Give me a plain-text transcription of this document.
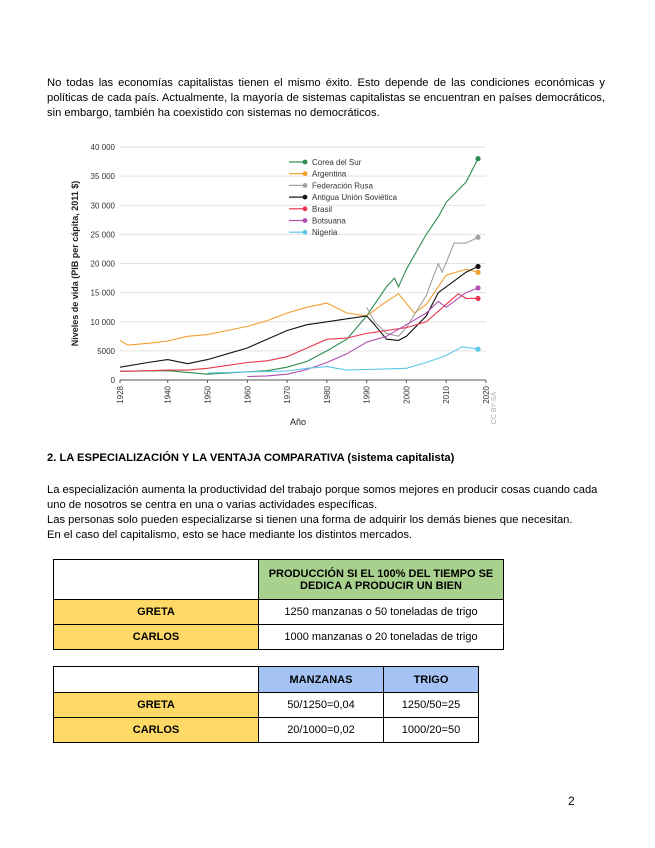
No todas las economías capitalistas tienen el mismo éxito. Esto depende de las condiciones económicas y políticas de cada país. Actualmente, la mayoría de sistemas capitalistas se encuentran en países democráticos, sin embargo, también ha coexistido con sistemas no democráticos.
0
5000
10 000
15 000
20 000
25 000
30 000
35 000
40 000
1928	1940	1950	1960	1970	1980	1990	2000	2010	2020
Año
Niveles de vida (PIB per cápita, 2011 $)
Corea del Sur
Argentina
Federación Rusa
Antigua Unión Soviética
Brasil
Botsuana
Nigeria
CC BY-SA
2. LA ESPECIALIZACIÓN Y LA VENTAJA COMPARATIVA (sistema capitalista)

La especialización aumenta la productividad del trabajo porque somos mejores en producir cosas cuando cada uno de nosotros se centra en una o varias actividades específicas.

Las personas solo pueden especializarse si tienen una forma de adquirir los demás bienes que necesitan.

En el caso del capitalismo, esto se hace mediante los distintos mercados.

	PRODUCCIÓN SI EL 100% DEL TIEMPO SE DEDICA A PRODUCIR UN BIEN
GRETA	1250 manzanas o 50 toneladas de trigo
CARLOS	1000 manzanas o 20 toneladas de trigo
	MANZANAS	TRIGO
GRETA	50/1250=0,04	1250/50=25
CARLOS	20/1000=0,02	1000/20=50
2
